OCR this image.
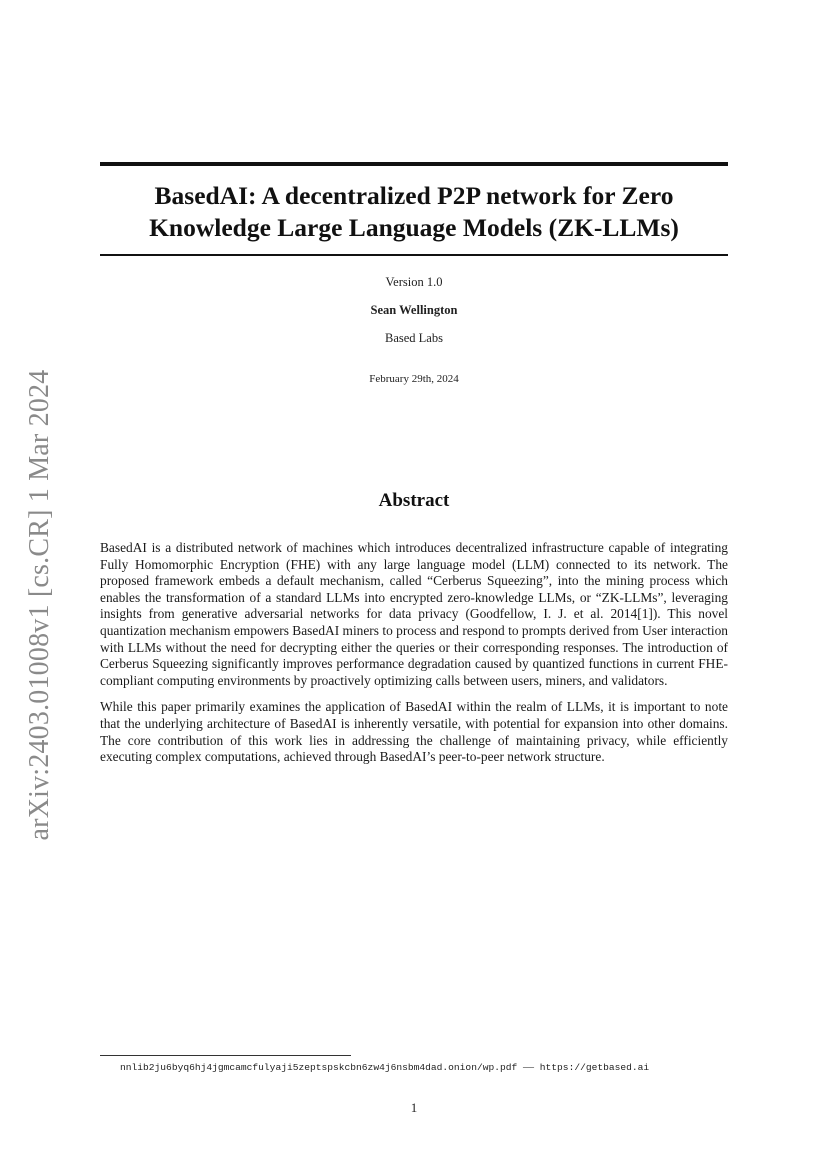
arXiv:2403.01008v1 [cs.CR] 1 Mar 2024
BasedAI: A decentralized P2P network for Zero
Knowledge Large Language Models (ZK-LLMs)
Version 1.0
Sean Wellington
Based Labs
February 29th, 2024
Abstract

BasedAI is a distributed network of machines which introduces decentralized infrastructure capable of integrating Fully Homomorphic Encryption (FHE) with any large language model (LLM) connected to its network. The proposed framework embeds a default mechanism, called “Cerberus Squeezing”, into the mining process which enables the transformation of a standard LLMs into encrypted zero-knowledge LLMs, or “ZK-LLMs”, leveraging insights from generative adversarial networks for data privacy (Goodfellow, I. J. et al. 2014[1]). This novel quantization mechanism empowers BasedAI miners to process and respond to prompts derived from User interaction with LLMs without the need for decrypting either the queries or their corresponding responses. The introduction of Cerberus Squeezing significantly improves performance degradation caused by quantized functions in current FHE-compliant computing environments by proactively optimizing calls between users, miners, and validators.

While this paper primarily examines the application of BasedAI within the realm of LLMs, it is important to note that the underlying architecture of BasedAI is inherently versatile, with potential for expansion into other domains. The core contribution of this work lies in addressing the challenge of maintaining privacy, while efficiently executing complex computations, achieved through BasedAI’s peer-to-peer network structure.

nnlib2ju6byq6hj4jgmcamcfulyaji5zeptspskcbn6zw4j6nsbm4dad.onion/wp.pdf — https://getbased.ai
1
